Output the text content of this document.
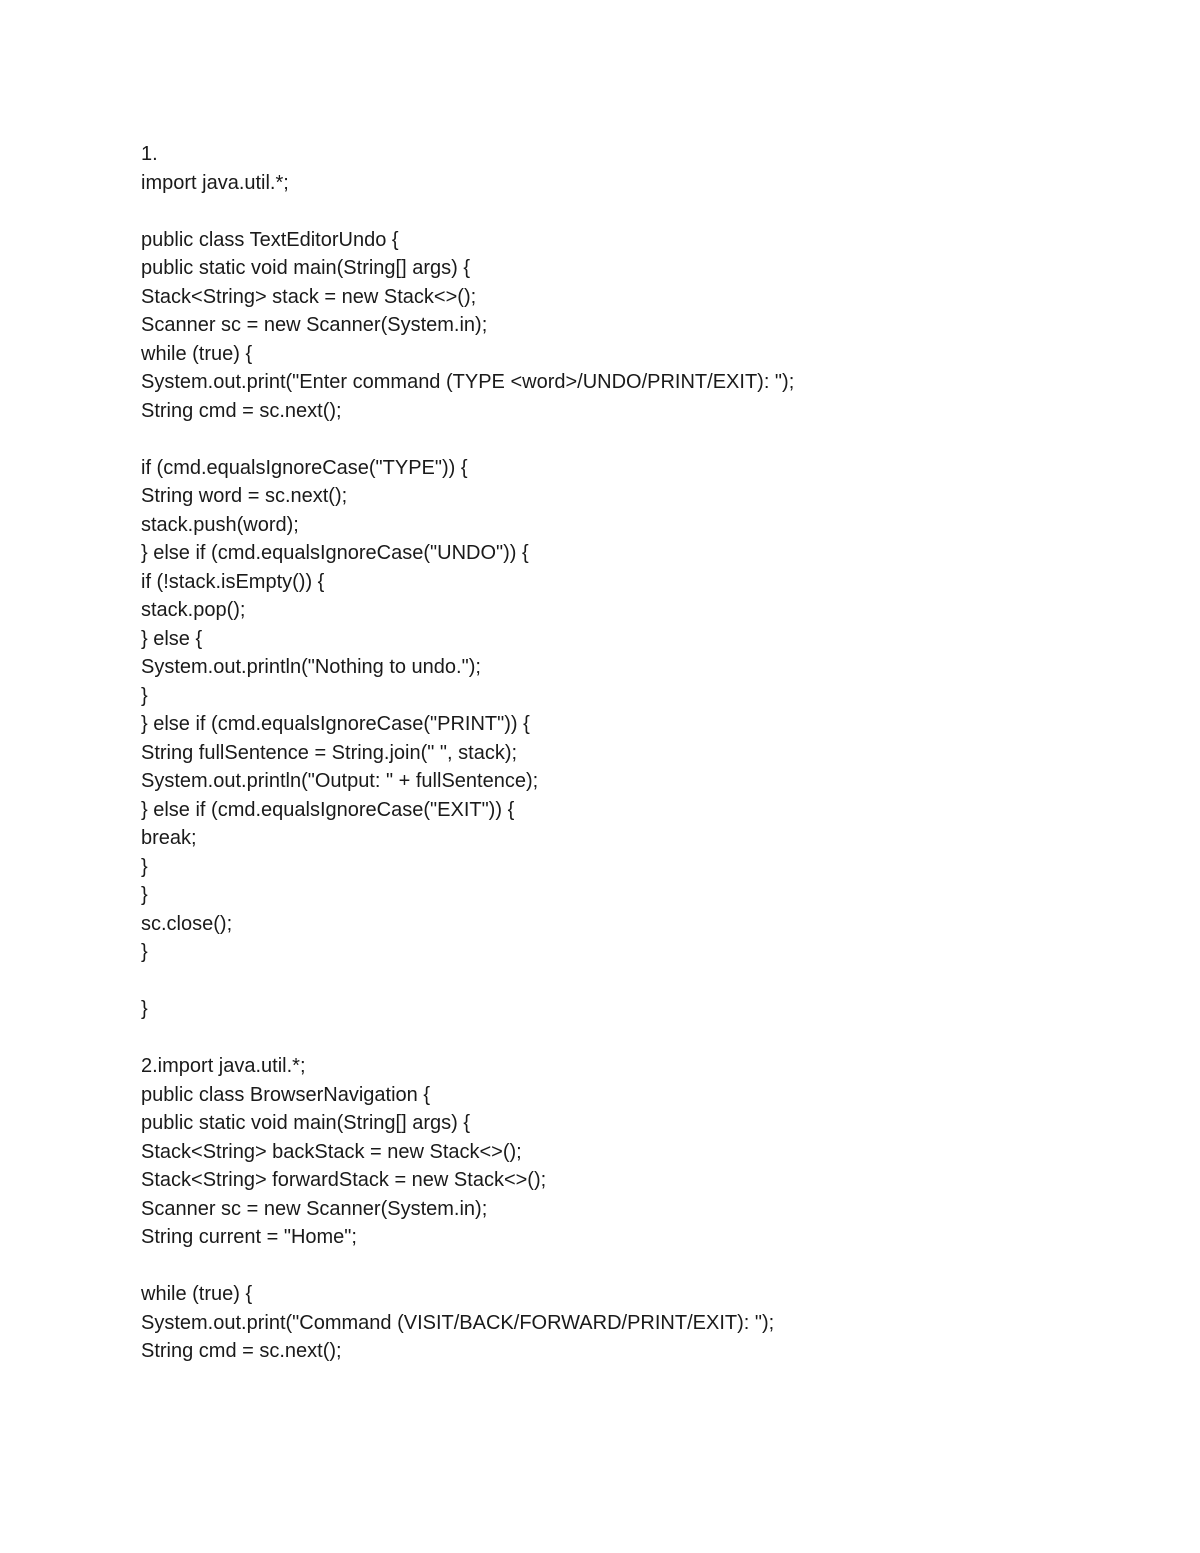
1.
import java.util.*;
public class TextEditorUndo {
public static void main(String[] args) {
Stack<String> stack = new Stack<>();
Scanner sc = new Scanner(System.in);
while (true) {
System.out.print("Enter command (TYPE <word>/UNDO/PRINT/EXIT): ");
String cmd = sc.next();
if (cmd.equalsIgnoreCase("TYPE")) {
String word = sc.next();
stack.push(word);
} else if (cmd.equalsIgnoreCase("UNDO")) {
if (!stack.isEmpty()) {
stack.pop();
} else {
System.out.println("Nothing to undo.");
}
} else if (cmd.equalsIgnoreCase("PRINT")) {
String fullSentence = String.join(" ", stack);
System.out.println("Output: " + fullSentence);
} else if (cmd.equalsIgnoreCase("EXIT")) {
break;
}
}
sc.close();
}
}
2.import java.util.*;
public class BrowserNavigation {
public static void main(String[] args) {
Stack<String> backStack = new Stack<>();
Stack<String> forwardStack = new Stack<>();
Scanner sc = new Scanner(System.in);
String current = "Home";
while (true) {
System.out.print("Command (VISIT/BACK/FORWARD/PRINT/EXIT): ");
String cmd = sc.next();
